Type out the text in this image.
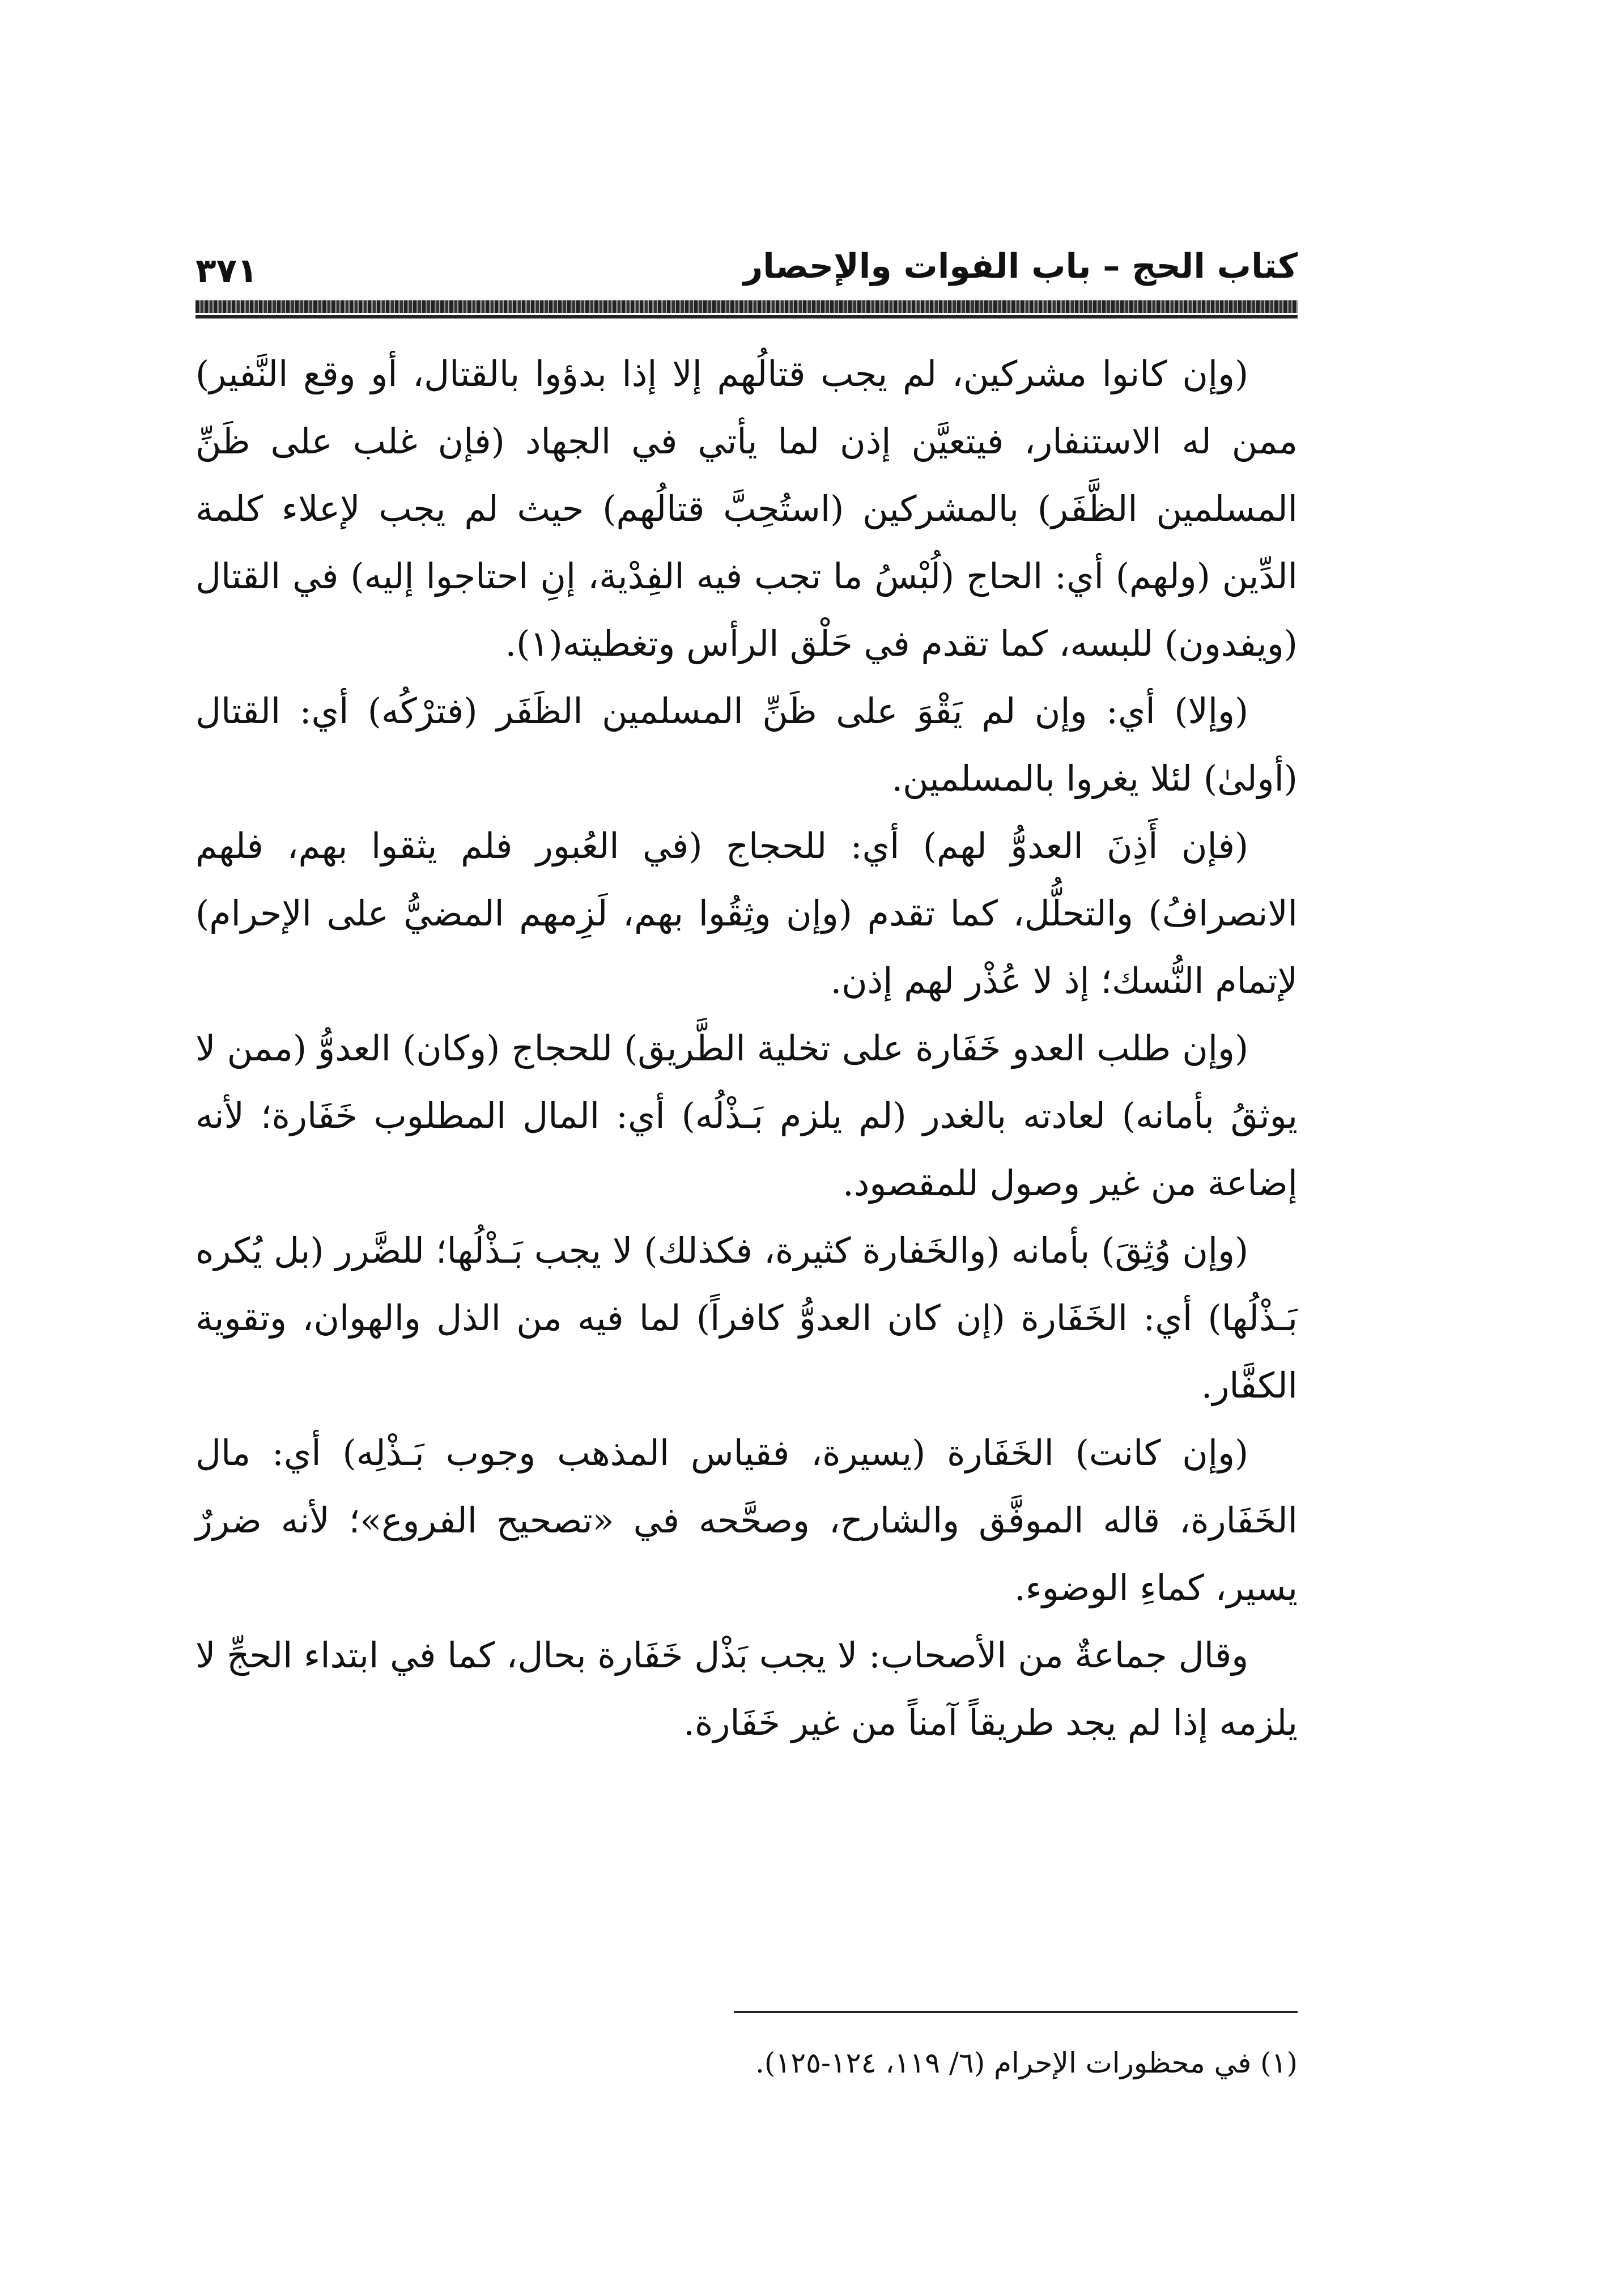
كتاب الحج – باب الفوات والإحصار
٣٧١

(وإن كانوا مشركين، لم يجب قتالُهم إلا إذا بدؤوا بالقتال، أو وقع النَّفير) ممن له الاستنفار، فيتعيَّن إذن لما يأتي في الجهاد (فإن غلب على ظَنِّ المسلمين الظَّفَر) بالمشركين (استُحِبَّ قتالُهم) حيث لم يجب لإعلاء كلمة الدِّين (ولهم) أي: الحاج (لُبْسُ ما تجب فيه الفِدْية، إنِ احتاجوا إليه) في القتال (ويفدون) للبسه، كما تقدم في حَلْق الرأس وتغطيته(١).

(وإلا) أي: وإن لم يَقْوَ على ظَنِّ المسلمين الظَفَر (فترْكُه) أي: القتال (أولىٰ) لئلا يغروا بالمسلمين.

(فإن أَذِنَ العدوُّ لهم) أي: للحجاج (في العُبور فلم يثقوا بهم، فلهم الانصرافُ) والتحلُّل، كما تقدم (وإن وثِقُوا بهم، لَزِمهم المضيُّ على الإحرام) لإتمام النُّسك؛ إذ لا عُذْر لهم إذن.

(وإن طلب العدو خَفَارة على تخلية الطَّريق) للحجاج (وكان) العدوُّ (ممن لا يوثقُ بأمانه) لعادته بالغدر (لم يلزم بَـذْلُه) أي: المال المطلوب خَفَارة؛ لأنه إضاعة من غير وصول للمقصود.

(وإن وُثِقَ) بأمانه (والخَفارة كثيرة، فكذلك) لا يجب بَـذْلُها؛ للضَّرر (بل يُكره بَـذْلُها) أي: الخَفَارة (إن كان العدوُّ كافراً) لما فيه من الذل والهوان، وتقوية الكفَّار.

(وإن كانت) الخَفَارة (يسيرة، فقياس المذهب وجوب بَـذْلِه) أي: مال الخَفَارة، قاله الموفَّق والشارح، وصحَّحه في «تصحيح الفروع»؛ لأنه ضررٌ يسير، كماءِ الوضوء.

وقال جماعةٌ من الأصحاب: لا يجب بَذْل خَفَارة بحال، كما في ابتداء الحجِّ لا يلزمه إذا لم يجد طريقاً آمناً من غير خَفَارة.

(١) في محظورات الإحرام (٦/ ١١٩، ١٢٤-١٢٥).
